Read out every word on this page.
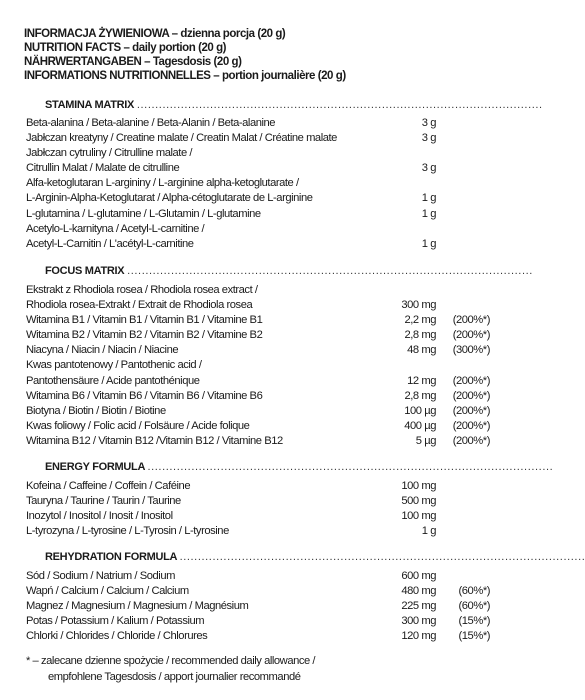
INFORMACJA ŻYWIENIOWA – dzienna porcja (20 g)
NUTRITION FACTS – daily portion (20 g)
NÄHRWERTANGABEN – Tagesdosis (20 g)
INFORMATIONS NUTRITIONNELLES – portion journalière (20 g)
STAMINA MATRIX ...............................................................................................................
Beta-alanina / Beta-alanine / Beta-Alanin / Beta-alanine	3 g
Jabłczan kreatyny / Creatine malate / Creatin Malat / Créatine malate	3 g
Jabłczan cytruliny / Citrulline malate /
Citrullin Malat / Malate de citrulline	3 g
Alfa-ketoglutaran L-argininy / L-arginine alpha-ketoglutarate /
L-Arginin-Alpha-Ketoglutarat / Alpha-cétoglutarate de L-arginine	1 g
L-glutamina / L-glutamine / L-Glutamin / L-glutamine	1 g
Acetylo-L-karnityna / Acetyl-L-carnitine /
Acetyl-L-Carnitin / L'acétyl-L-carnitine	1 g
FOCUS MATRIX ...............................................................................................................
Ekstrakt z Rhodiola rosea / Rhodiola rosea extract /
Rhodiola rosea-Extrakt / Extrait de Rhodiola rosea	300 mg
Witamina B1 / Vitamin B1 / Vitamin B1 / Vitamine B1	2,2 mg (200%*)
Witamina B2 / Vitamin B2 / Vitamin B2 / Vitamine B2	2,8 mg (200%*)
Niacyna / Niacin / Niacin / Niacine	48 mg (300%*)
Kwas pantotenowy / Pantothenic acid /
Pantothensäure / Acide pantothénique	12 mg (200%*)
Witamina B6 / Vitamin B6 / Vitamin B6 / Vitamine B6	2,8 mg (200%*)
Biotyna / Biotin / Biotin / Biotine	100 µg (200%*)
Kwas foliowy / Folic acid / Folsäure / Acide folique	400 µg (200%*)
Witamina B12 / Vitamin B12 /Vitamin B12 / Vitamine B12	5 µg (200%*)
ENERGY FORMULA ...............................................................................................................
Kofeina / Caffeine / Coffein / Caféine	100 mg
Tauryna / Taurine / Taurin / Taurine	500 mg
Inozytol / Inositol / Inosit / Inositol	100 mg
L-tyrozyna / L-tyrosine / L-Tyrosin / L-tyrosine	1 g
REHYDRATION FORMULA ...............................................................................................................
Sód / Sodium / Natrium / Sodium	600 mg
Wapń / Calcium / Calcium / Calcium	480 mg (60%*)
Magnez / Magnesium / Magnesium / Magnésium	225 mg (60%*)
Potas / Potassium / Kalium / Potassium	300 mg (15%*)
Chlorki / Chlorides / Chloride / Chlorures	120 mg (15%*)
* – zalecane dzienne spożycie / recommended daily allowance /
empfohlene Tagesdosis / apport journalier recommandé
